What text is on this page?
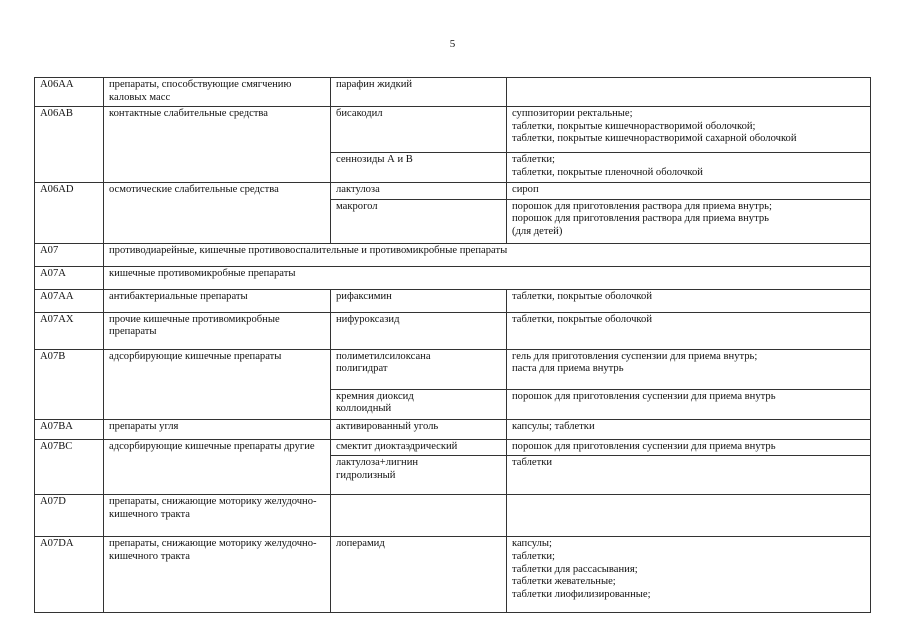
5
A06AA	препараты, способствующие смягчению каловых масс	парафин жидкий	

A06AB	контактные слабительные средства	бисакодил	суппозитории ректальные;
таблетки, покрытые кишечнорастворимой оболочкой;
таблетки, покрытые кишечнорастворимой сахарной оболочкой

		сеннозиды А и В	таблетки;
таблетки, покрытые пленочной оболочкой

A06AD	осмотические слабительные средства	лактулоза	сироп

		макрогол	порошок для приготовления раствора для приема внутрь;
порошок для приготовления раствора для приема внутрь
(для детей)

A07	противодиарейные, кишечные противовоспалительные и противомикробные препараты		
A07A	кишечные противомикробные препараты		
A07AA	антибактериальные препараты	рифаксимин	таблетки, покрытые оболочкой

A07AX	прочие кишечные противомикробные препараты	нифуроксазид	таблетки, покрытые оболочкой

A07B	адсорбирующие кишечные препараты	полиметилсилоксана
полигидрат	гель для приготовления суспензии для приема внутрь;
паста для приема внутрь

		кремния диоксид
коллоидный	порошок для приготовления суспензии для приема внутрь

A07BA	препараты угля	активированный уголь	капсулы; таблетки

A07BC	адсорбирующие кишечные препараты другие	смектит диоктаэдрический	порошок для приготовления суспензии для приема внутрь

		лактулоза+лигнин
гидролизный	таблетки

A07D	препараты, снижающие моторику желудочно-кишечного тракта		
A07DA	препараты, снижающие моторику желудочно-кишечного тракта	лоперамид	капсулы;
таблетки;
таблетки для рассасывания;
таблетки жевательные;
таблетки лиофилизированные;
